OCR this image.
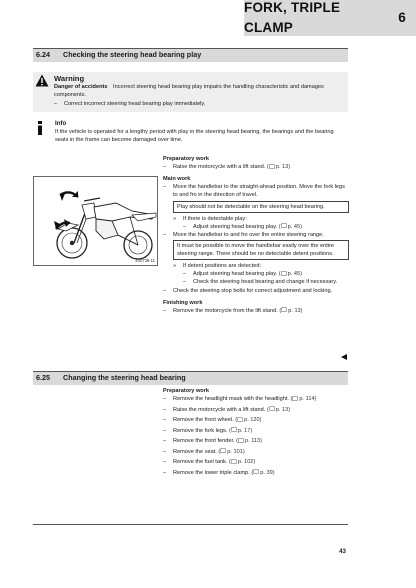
FORK, TRIPLE CLAMP
6
6.24	Checking the steering head bearing play
Warning
Danger of accidents Incorrect steering head bearing play impairs the handling characteristic and damages components.
– Correct incorrect steering head bearing play immediately.
Info
If the vehicle is operated for a lengthy period with play in the steering head bearing, the bearings and the bearing seats in the frame can become damaged over time.
400738-11
Preparatory work
– Raise the motorcycle with a lift stand. ( p. 13)
Main work
– Move the handlebar to the straight-ahead position. Move the fork legs to and fro in the direction of travel.
Play should not be detectable on the steering head bearing.
» If there is detectable play:
– Adjust steering head bearing play. ( p. 45)
– Move the handlebar to and fro over the entire steering range.
It must be possible to move the handlebar easily over the entire steering range. There should be no detectable detent positions.
» If detent positions are detected:
– Adjust steering head bearing play. ( p. 45)
– Check the steering head bearing and change if necessary.
– Check the steering stop bolts for correct adjustment and locking.
Finishing work
– Remove the motorcycle from the lift stand. ( p. 13)
6.25	Changing the steering head bearing
Preparatory work
– Remove the headlight mask with the headlight. ( p. 114)
– Raise the motorcycle with a lift stand. ( p. 13)
– Remove the front wheel. ( p. 120)
– Remove the fork legs. ( p. 17)
– Remove the front fender. ( p. 113)
– Remove the seat. ( p. 101)
– Remove the fuel tank. ( p. 102)
– Remove the lower triple clamp. ( p. 39)
43
